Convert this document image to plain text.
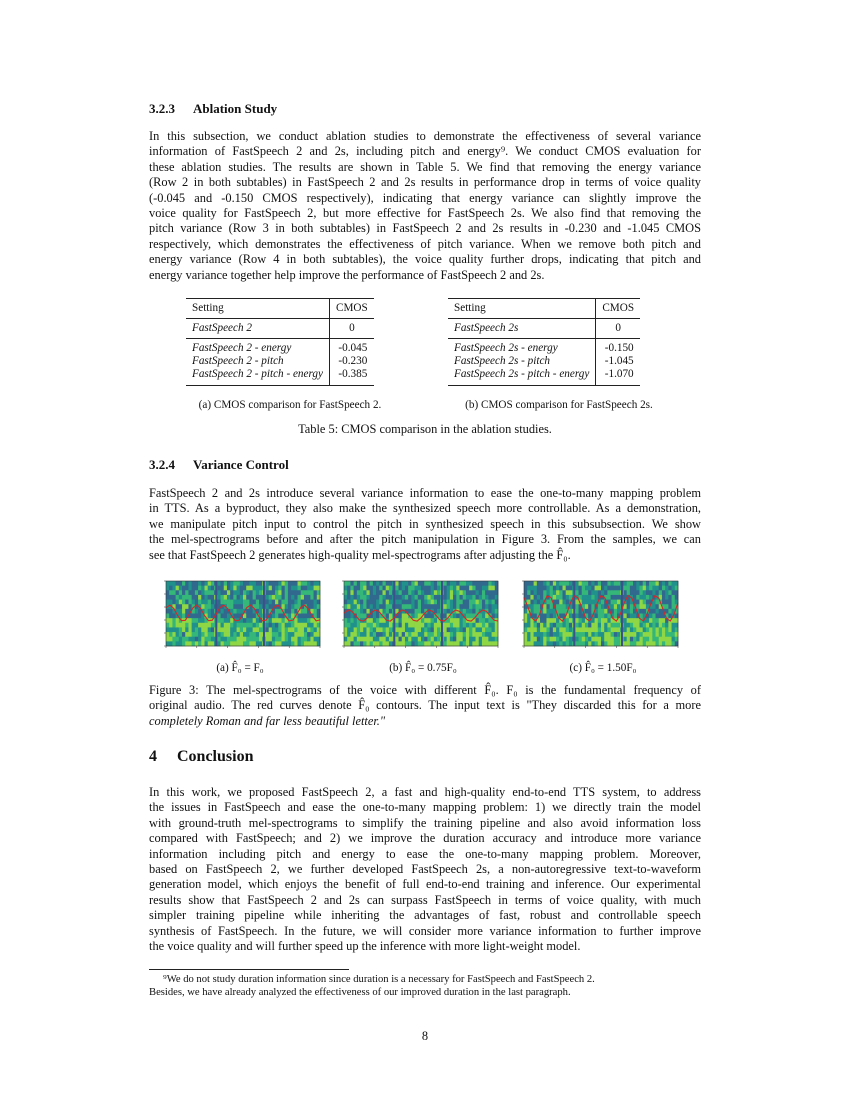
3.2.3 Ablation Study
In this subsection, we conduct ablation studies to demonstrate the effectiveness of several variance
information of FastSpeech 2 and 2s, including pitch and energy⁹. We conduct CMOS evaluation for
these ablation studies. The results are shown in Table 5. We find that removing the energy variance
(Row 2 in both subtables) in FastSpeech 2 and 2s results in performance drop in terms of voice quality
(-0.045 and -0.150 CMOS respectively), indicating that energy variance can slightly improve the
voice quality for FastSpeech 2, but more effective for FastSpeech 2s. We also find that removing the
pitch variance (Row 3 in both subtables) in FastSpeech 2 and 2s results in -0.230 and -1.045 CMOS
respectively, which demonstrates the effectiveness of pitch variance. When we remove both pitch and
energy variance (Row 4 in both subtables), the voice quality further drops, indicating that pitch and
energy variance together help improve the performance of FastSpeech 2 and 2s.
Setting	CMOS
FastSpeech 2	0
FastSpeech 2 - energy	-0.045
FastSpeech 2 - pitch	-0.230
FastSpeech 2 - pitch - energy	-0.385
(a) CMOS comparison for FastSpeech 2.
Setting	CMOS
FastSpeech 2s	0
FastSpeech 2s - energy	-0.150
FastSpeech 2s - pitch	-1.045
FastSpeech 2s - pitch - energy	-1.070
(b) CMOS comparison for FastSpeech 2s.
Table 5: CMOS comparison in the ablation studies.
3.2.4 Variance Control
FastSpeech 2 and 2s introduce several variance information to ease the one-to-many mapping problem
in TTS. As a byproduct, they also make the synthesized speech more controllable. As a demonstration,
we manipulate pitch input to control the pitch in synthesized speech in this subsubsection. We show
the mel-spectrograms before and after the pitch manipulation in Figure 3. From the samples, we can
see that FastSpeech 2 generates high-quality mel-spectrograms after adjusting the F̂₀.
(a) F̂₀ = F₀	(b) F̂₀ = 0.75F₀	(c) F̂₀ = 1.50F₀
Figure 3: The mel-spectrograms of the voice with different F̂₀. F₀ is the fundamental frequency of
original audio. The red curves denote F̂₀ contours. The input text is "They discarded this for a more
completely Roman and far less beautiful letter."
4 Conclusion
In this work, we proposed FastSpeech 2, a fast and high-quality end-to-end TTS system, to address
the issues in FastSpeech and ease the one-to-many mapping problem: 1) we directly train the model
with ground-truth mel-spectrograms to simplify the training pipeline and also avoid information loss
compared with FastSpeech; and 2) we improve the duration accuracy and introduce more variance
information including pitch and energy to ease the one-to-many mapping problem. Moreover,
based on FastSpeech 2, we further developed FastSpeech 2s, a non-autoregressive text-to-waveform
generation model, which enjoys the benefit of full end-to-end training and inference. Our experimental
results show that FastSpeech 2 and 2s can surpass FastSpeech in terms of voice quality, with much
simpler training pipeline while inheriting the advantages of fast, robust and controllable speech
synthesis of FastSpeech. In the future, we will consider more variance information to further improve
the voice quality and will further speed up the inference with more light-weight model.
⁹We do not study duration information since duration is a necessary for FastSpeech and FastSpeech 2.
Besides, we have already analyzed the effectiveness of our improved duration in the last paragraph.
8
